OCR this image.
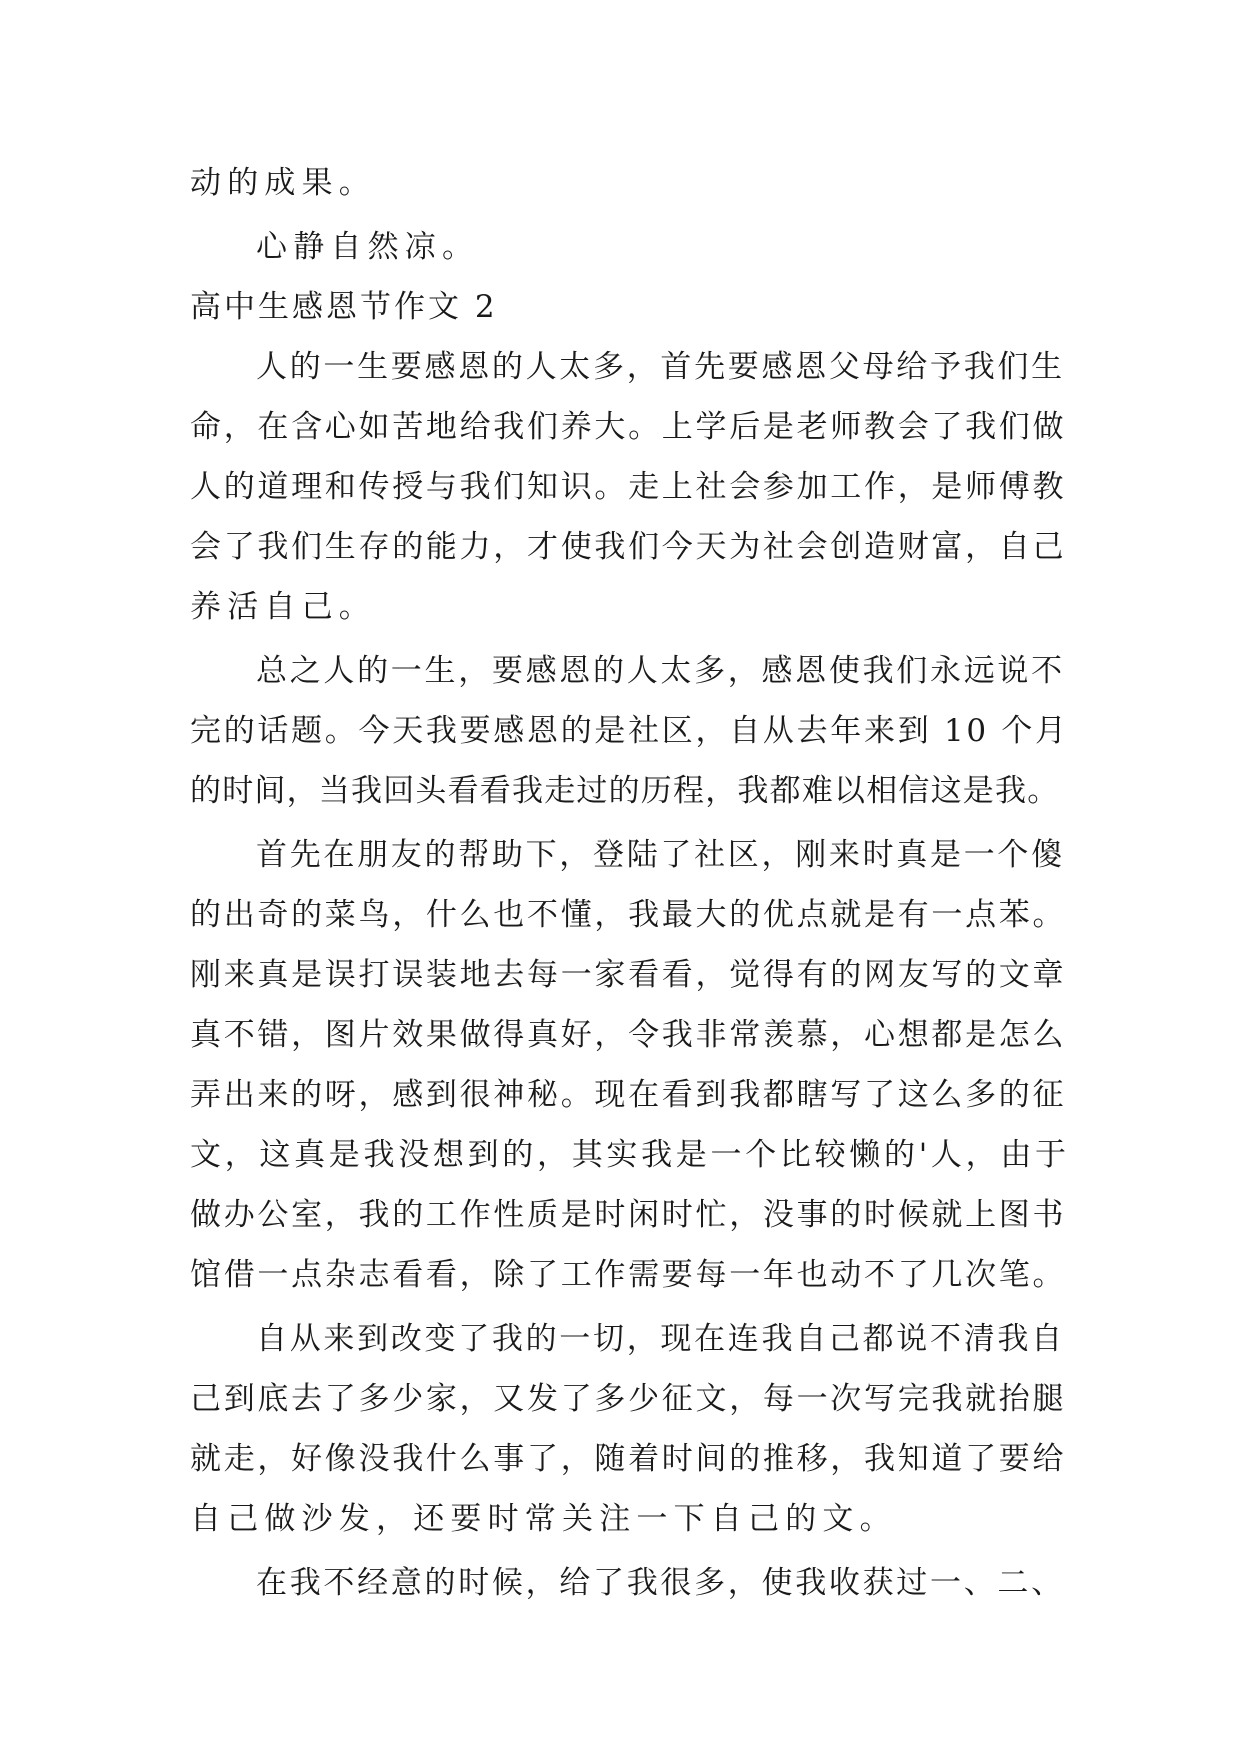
动的成果。
心静自然凉。
高中生感恩节作文 2
人的一生要感恩的人太多，首先要感恩父母给予我们生
命，在含心如苦地给我们养大。上学后是老师教会了我们做
人的道理和传授与我们知识。走上社会参加工作，是师傅教
会了我们生存的能力，才使我们今天为社会创造财富，自己
养活自己。
总之人的一生，要感恩的人太多，感恩使我们永远说不
完的话题。今天我要感恩的是社区，自从去年来到 10 个月
的时间，当我回头看看我走过的历程，我都难以相信这是我。
首先在朋友的帮助下，登陆了社区，刚来时真是一个傻
的出奇的菜鸟，什么也不懂，我最大的优点就是有一点苯。
刚来真是误打误装地去每一家看看，觉得有的网友写的文章
真不错，图片效果做得真好，令我非常羡慕，心想都是怎么
弄出来的呀，感到很神秘。现在看到我都瞎写了这么多的征
文，这真是我没想到的，其实我是一个比较懒的'人，由于
做办公室，我的工作性质是时闲时忙，没事的时候就上图书
馆借一点杂志看看，除了工作需要每一年也动不了几次笔。
自从来到改变了我的一切，现在连我自己都说不清我自
己到底去了多少家，又发了多少征文，每一次写完我就抬腿
就走，好像没我什么事了，随着时间的推移，我知道了要给
自己做沙发，还要时常关注一下自己的文。
在我不经意的时候，给了我很多，使我收获过一、二、
